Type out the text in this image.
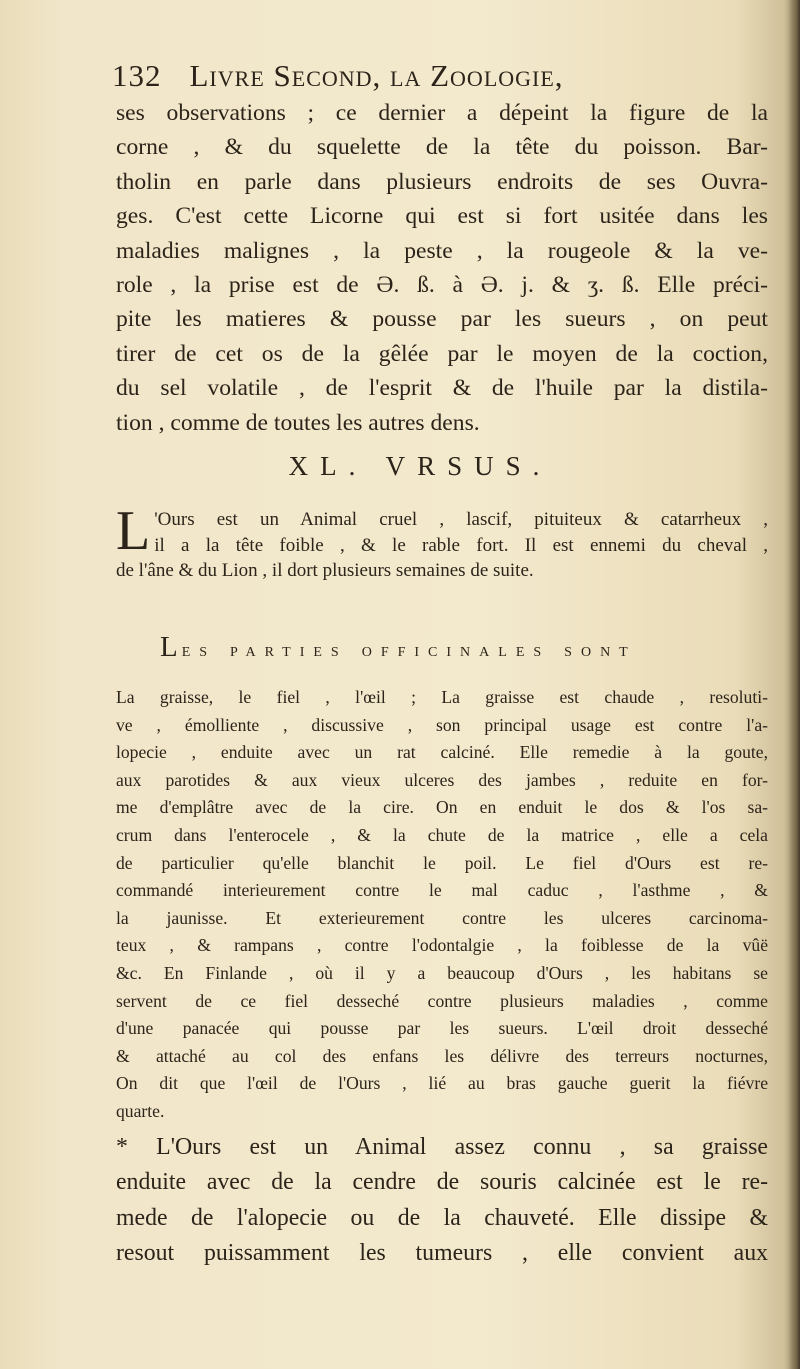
132 Livre Second, la Zoologie,
ses observations ; ce dernier a dépeint la figure de la
corne , & du squelette de la tête du poisson. Bar-
tholin en parle dans plusieurs endroits de ses Ouvra-
ges. C'est cette Licorne qui est si fort usitée dans les
maladies malignes , la peste , la rougeole & la ve-
role , la prise est de Ə. ß. à Ə. j. & ʒ. ß. Elle préci-
pite les matieres & pousse par les sueurs , on peut
tirer de cet os de la gêlée par le moyen de la coction,
du sel volatile , de l'esprit & de l'huile par la distila-
tion , comme de toutes les autres dens.
XL. VRSUS.
L 'Ours est un Animal cruel , lascif, pituiteux & catarrheux ,
il a la tête foible , & le rable fort. Il est ennemi du cheval ,
de l'âne & du Lion , il dort plusieurs semaines de suite.
Les parties officinales sont
La graisse, le fiel , l'œil ; La graisse est chaude , resoluti-
ve , émolliente , discussive , son principal usage est contre l'a-
lopecie , enduite avec un rat calciné. Elle remedie à la goute,
aux parotides & aux vieux ulceres des jambes , reduite en for-
me d'emplâtre avec de la cire. On en enduit le dos & l'os sa-
crum dans l'enterocele , & la chute de la matrice , elle a cela
de particulier qu'elle blanchit le poil. Le fiel d'Ours est re-
commandé interieurement contre le mal caduc , l'asthme , &
la jaunisse. Et exterieurement contre les ulceres carcinoma-
teux , & rampans , contre l'odontalgie , la foiblesse de la vûë
&c. En Finlande , où il y a beaucoup d'Ours , les habitans se
servent de ce fiel desseché contre plusieurs maladies , comme
d'une panacée qui pousse par les sueurs. L'œil droit desseché
& attaché au col des enfans les délivre des terreurs nocturnes,
On dit que l'œil de l'Ours , lié au bras gauche guerit la fiévre
quarte.
* L'Ours est un Animal assez connu , sa graisse
enduite avec de la cendre de souris calcinée est le re-
mede de l'alopecie ou de la chauveté. Elle dissipe &
resout puissamment les tumeurs , elle convient aux
